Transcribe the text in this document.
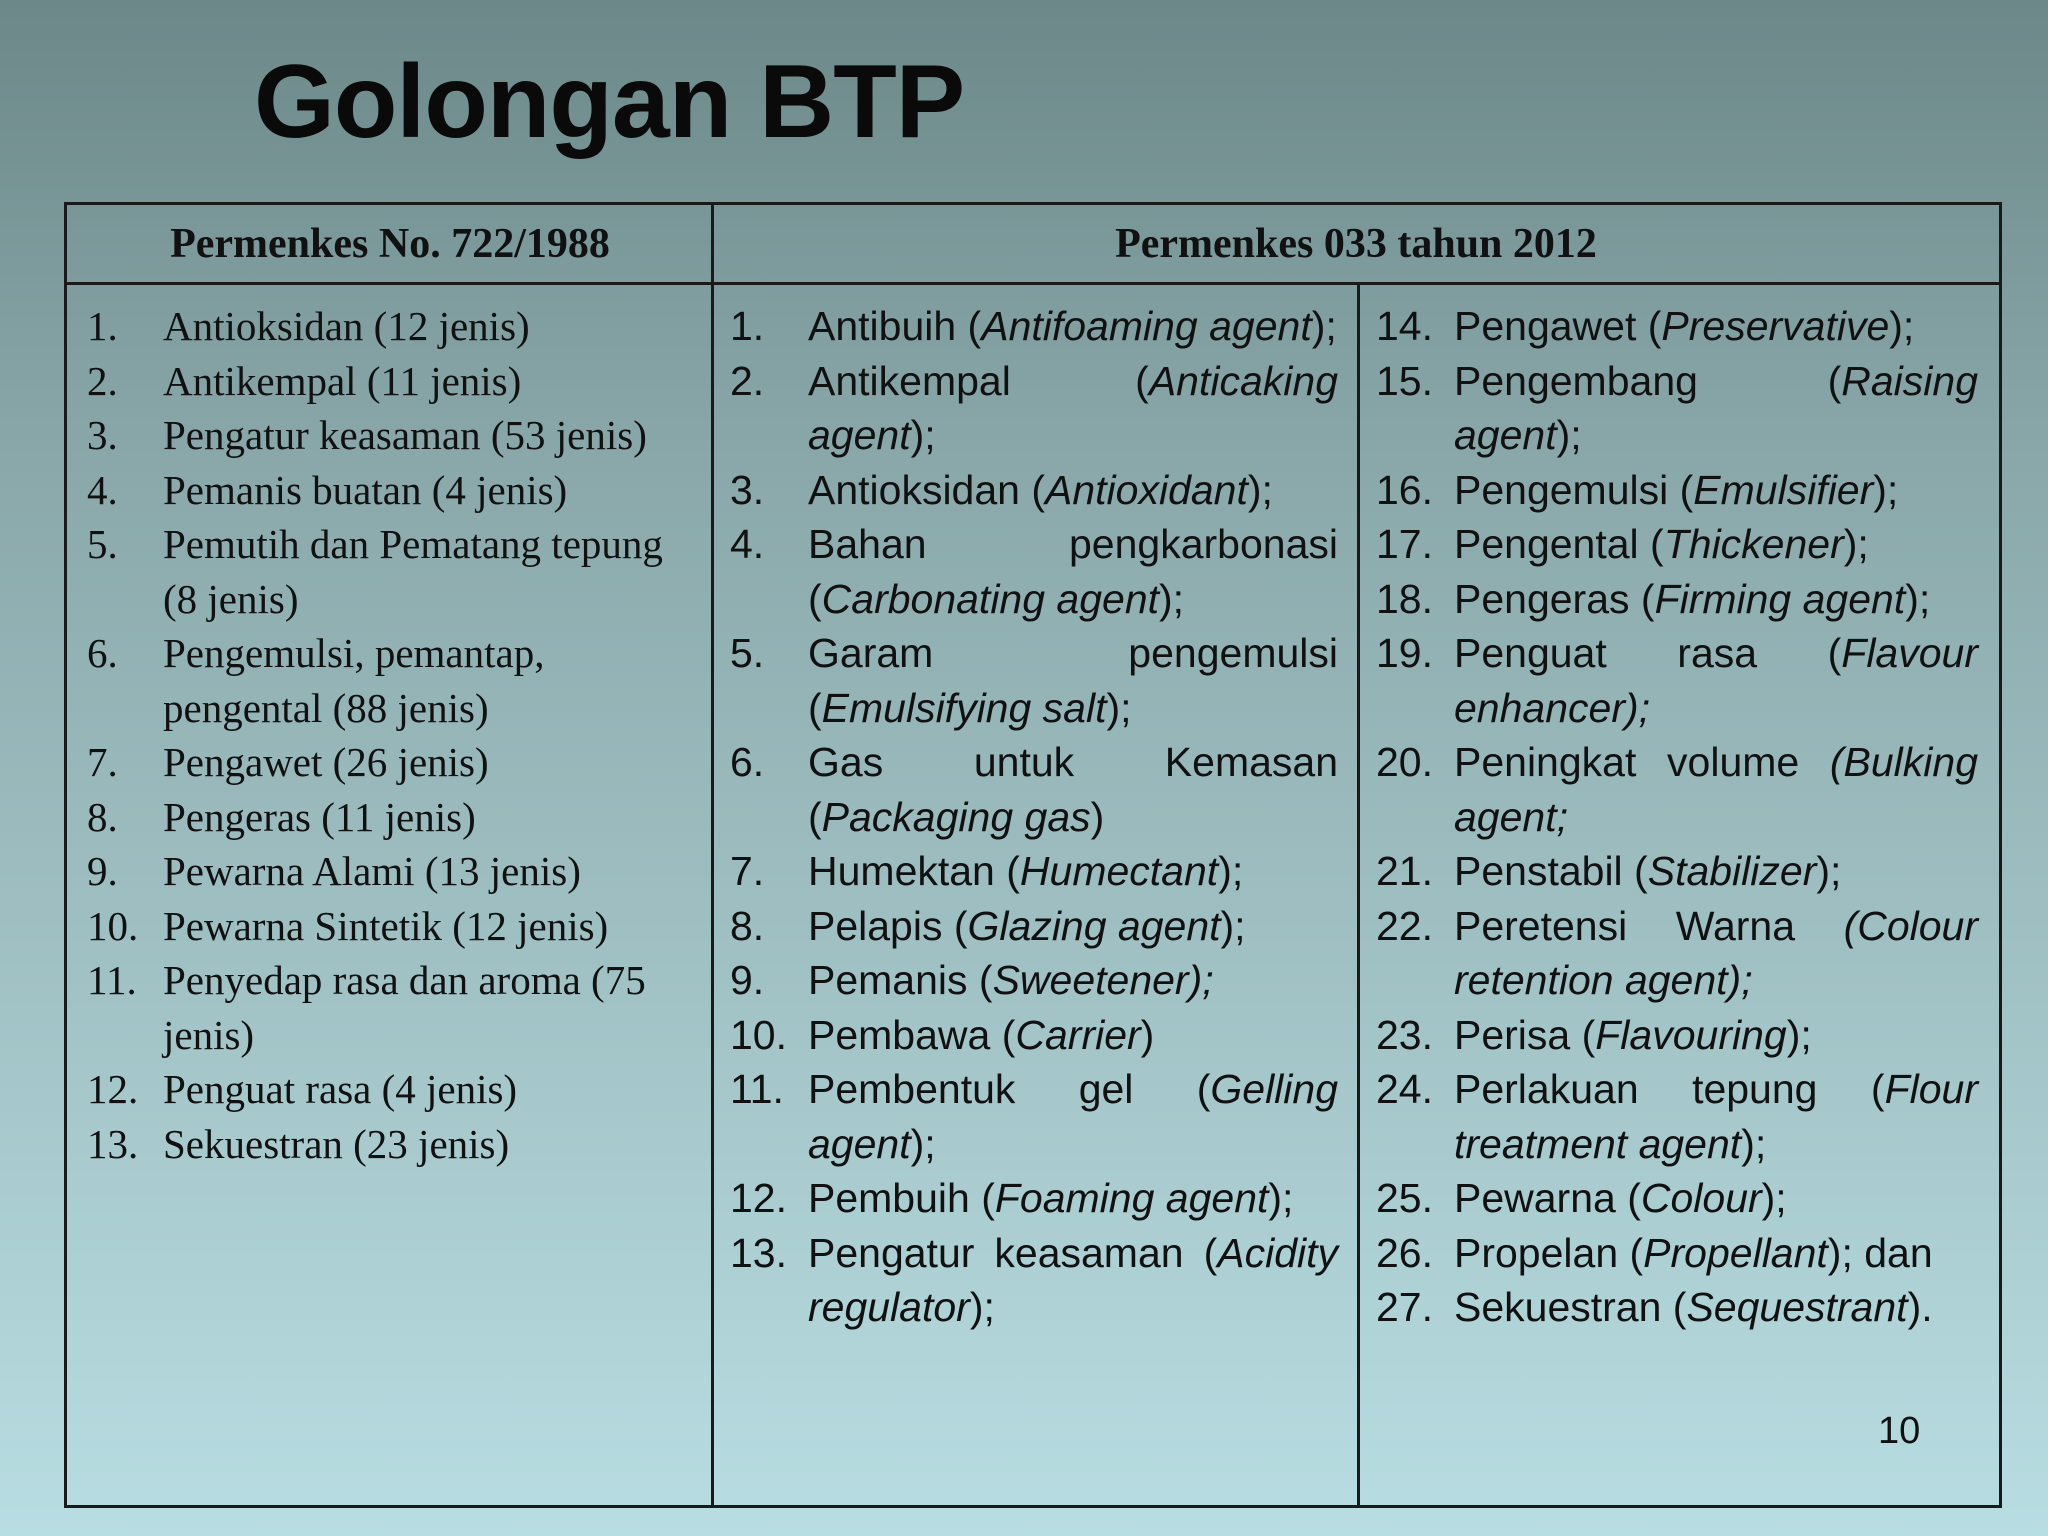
Golongan BTP
Permenkes No. 722/1988	Permenkes 033 tahun 2012
1.	Antioksidan (12 jenis)
2.	Antikempal (11 jenis)
3.	Pengatur keasaman (53 jenis)
4.	Pemanis buatan (4 jenis)
5.	Pemutih dan Pematang tepung (8 jenis)
6.	Pengemulsi, pemantap, pengental (88 jenis)
7.	Pengawet (26 jenis)
8.	Pengeras (11 jenis)
9.	Pewarna Alami (13 jenis)
10. Pewarna Sintetik (12 jenis)
11. Penyedap rasa dan aroma (75 jenis)
12. Penguat rasa (4 jenis)
13. Sekuestran (23 jenis)
1.	Antibuih (Antifoaming agent);
2.	Antikempal (Anticaking agent);
3.	Antioksidan (Antioxidant);
4.	Bahan pengkarbonasi (Carbonating agent);
5.	Garam pengemulsi (Emulsifying salt);
6.	Gas untuk Kemasan (Packaging gas)
7.	Humektan (Humectant);
8.	Pelapis (Glazing agent);
9.	Pemanis (Sweetener);
10. Pembawa (Carrier)
11. Pembentuk gel (Gelling agent);
12. Pembuih (Foaming agent);
13. Pengatur keasaman (Acidity regulator);
14. Pengawet (Preservative);
15. Pengembang (Raising agent);
16. Pengemulsi (Emulsifier);
17. Pengental (Thickener);
18. Pengeras (Firming agent);
19. Penguat rasa (Flavour enhancer);
20. Peningkat volume (Bulking agent;
21. Penstabil (Stabilizer);
22. Peretensi Warna (Colour retention agent);
23. Perisa (Flavouring);
24. Perlakuan tepung (Flour treatment agent);
25. Pewarna (Colour);
26. Propelan (Propellant); dan
27. Sekuestran (Sequestrant).
10
